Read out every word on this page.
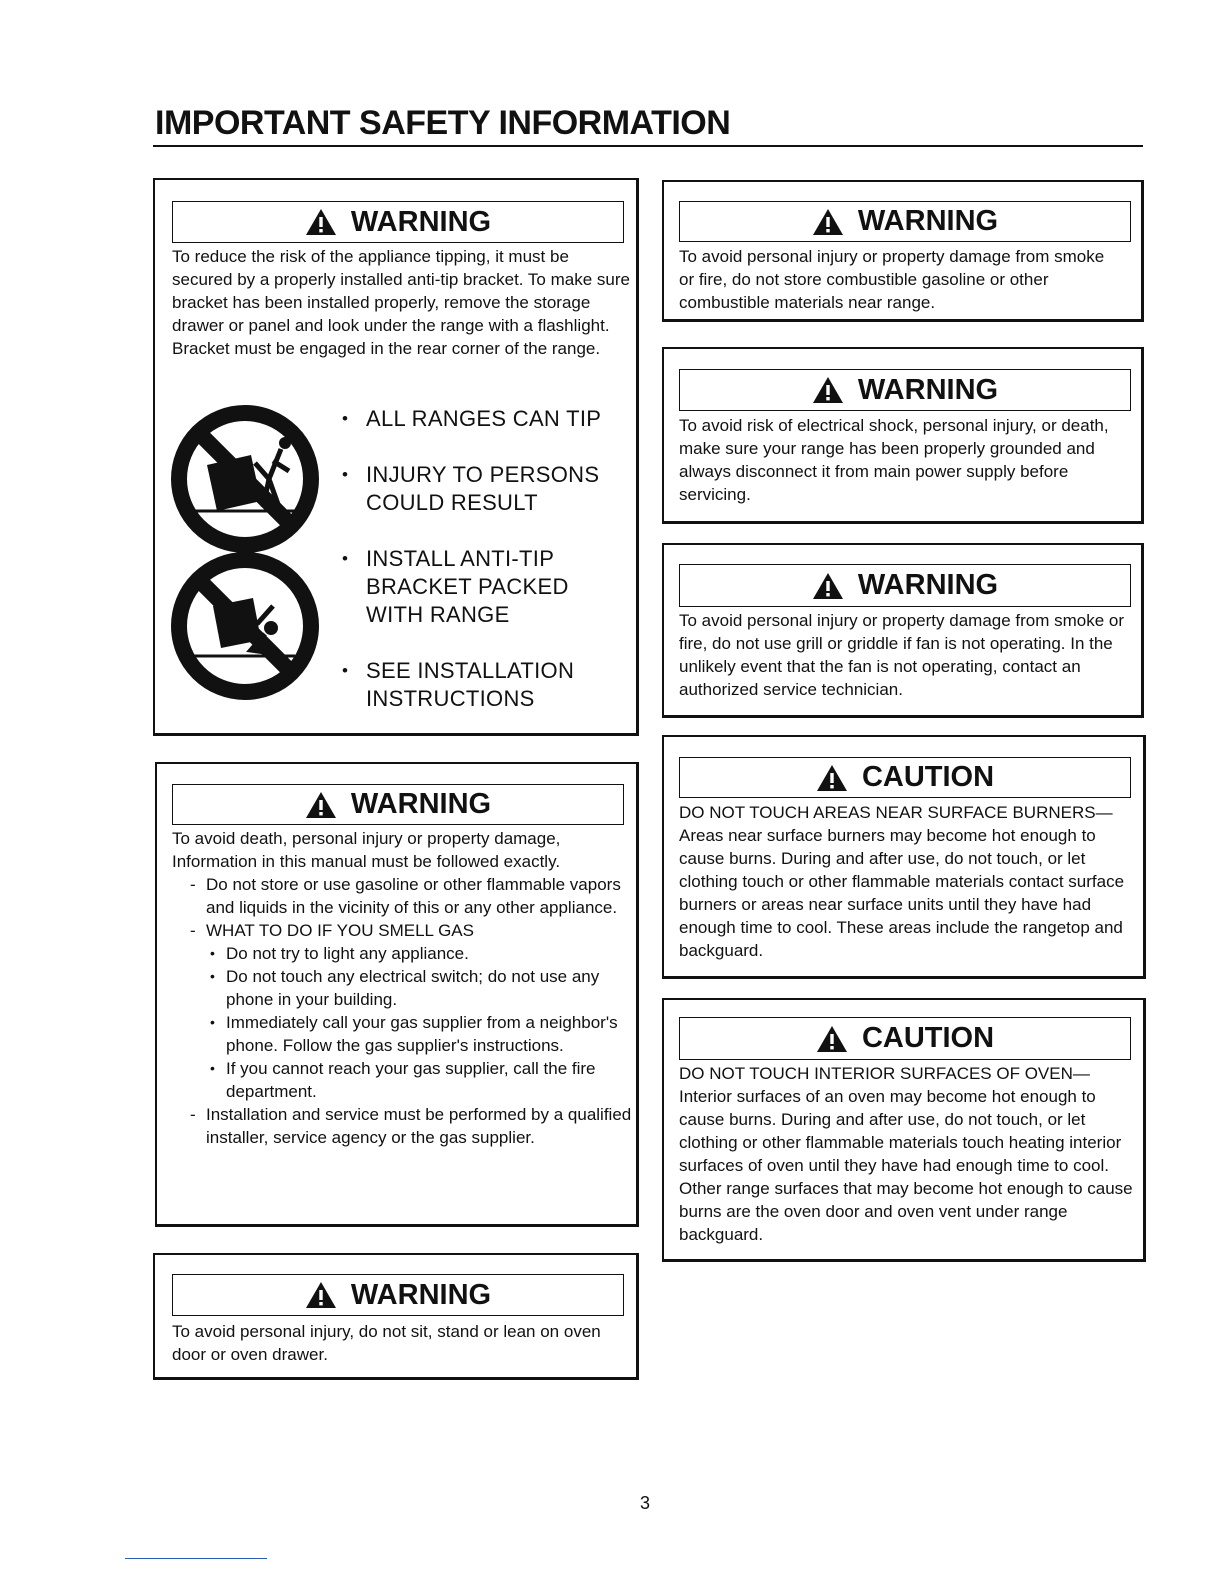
IMPORTANT SAFETY INFORMATION
WARNING

To reduce the risk of the appliance tipping, it must be secured by a properly installed anti-tip bracket. To make sure bracket has been installed properly, remove the storage drawer or panel and look under the range with a flashlight. Bracket must be engaged in the rear corner of the range.

• ALL RANGES CAN TIP
• INJURY TO PERSONS COULD RESULT
• INSTALL ANTI-TIP BRACKET PACKED WITH RANGE
• SEE INSTALLATION INSTRUCTIONS
WARNING

To avoid death, personal injury or property damage, Information in this manual must be followed exactly.

- Do not store or use gasoline or other flammable vapors and liquids in the vicinity of this or any other appliance.
- WHAT TO DO IF YOU SMELL GAS
• Do not try to light any appliance.
• Do not touch any electrical switch; do not use any phone in your building.
• Immediately call your gas supplier from a neighbor's phone. Follow the gas supplier's instructions.
• If you cannot reach your gas supplier, call the fire department.
- Installation and service must be performed by a qualified installer, service agency or the gas supplier.
WARNING

To avoid personal injury, do not sit, stand or lean on oven door or oven drawer.

WARNING

To avoid personal injury or property damage from smoke or fire, do not store combustible gasoline or other combustible materials near range.

WARNING

To avoid risk of electrical shock, personal injury, or death, make sure your range has been properly grounded and always disconnect it from main power supply before servicing.

WARNING

To avoid personal injury or property damage from smoke or fire, do not use grill or griddle if fan is not operating. In the unlikely event that the fan is not operating, contact an authorized service technician.

CAUTION

DO NOT TOUCH AREAS NEAR SURFACE BURNERS—Areas near surface burners may become hot enough to cause burns. During and after use, do not touch, or let clothing touch or other flammable materials contact surface burners or areas near surface units until they have had enough time to cool. These areas include the rangetop and backguard.

CAUTION

DO NOT TOUCH INTERIOR SURFACES OF OVEN— Interior surfaces of an oven may become hot enough to cause burns. During and after use, do not touch, or let clothing or other flammable materials touch heating interior surfaces of oven until they have had enough time to cool. Other range surfaces that may become hot enough to cause burns are the oven door and oven vent under range backguard.

3
